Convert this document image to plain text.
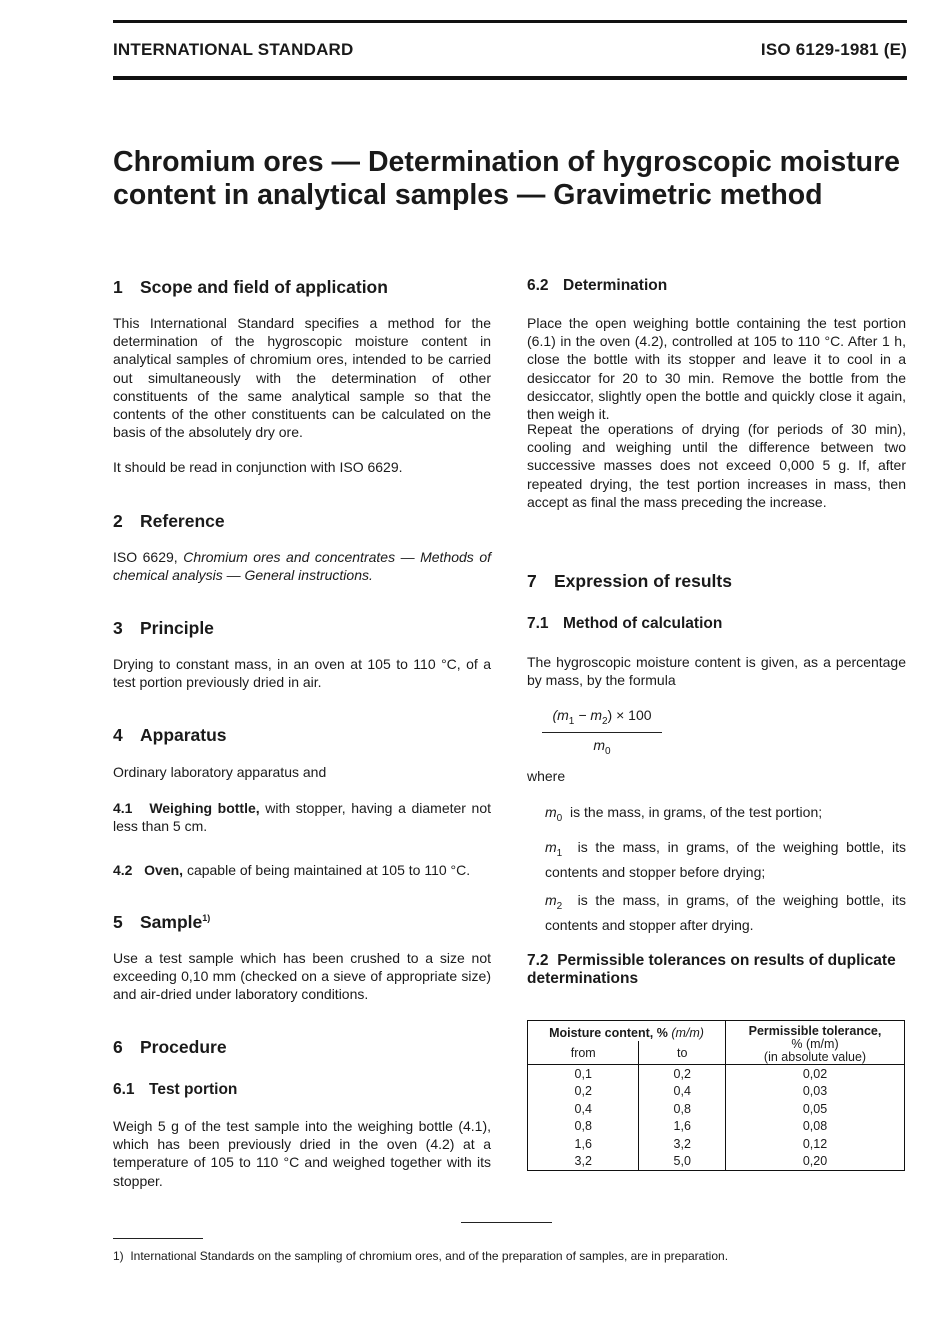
INTERNATIONAL STANDARD	ISO 6129-1981 (E)
Chromium ores — Determination of hygroscopic moisture
content in analytical samples — Gravimetric method
1 Scope and field of application
This International Standard specifies a method for the determination of the hygroscopic moisture content in analytical samples of chromium ores, intended to be carried out simultaneously with the determination of other constituents of the same analytical sample so that the contents of the other constituents can be calculated on the basis of the absolutely dry ore.
It should be read in conjunction with ISO 6629.
2 Reference
ISO 6629, Chromium ores and concentrates — Methods of chemical analysis — General instructions.
3 Principle
Drying to constant mass, in an oven at 105 to 110 °C, of a test portion previously dried in air.
4 Apparatus
Ordinary laboratory apparatus and
4.1 Weighing bottle, with stopper, having a diameter not less than 5 cm.
4.2 Oven, capable of being maintained at 105 to 110 °C.
5 Sample$^{1)}$
Use a test sample which has been crushed to a size not exceeding 0,10 mm (checked on a sieve of appropriate size) and air-dried under laboratory conditions.
6 Procedure
6.1 Test portion
Weigh 5 g of the test sample into the weighing bottle (4.1), which has been previously dried in the oven (4.2) at a temperature of 105 to 110 °C and weighed together with its stopper.
6.2 Determination
Place the open weighing bottle containing the test portion (6.1) in the oven (4.2), controlled at 105 to 110 °C. After 1 h, close the bottle with its stopper and leave it to cool in a desiccator for 20 to 30 min. Remove the bottle from the desiccator, slightly open the bottle and quickly close it again, then weigh it.
Repeat the operations of drying (for periods of 30 min), cooling and weighing until the difference between two successive masses does not exceed 0,000 5 g. If, after repeated drying, the test portion increases in mass, then accept as final the mass preceding the increase.
7 Expression of results
7.1 Method of calculation
The hygroscopic moisture content is given, as a percentage by mass, by the formula
$(m_1 - m_2) \times 100$
$m_0$
where
$m_0$ is the mass, in grams, of the test portion;
$m_1$ is the mass, in grams, of the weighing bottle, its contents and stopper before drying;
$m_2$ is the mass, in grams, of the weighing bottle, its contents and stopper after drying.
7.2 Permissible tolerances on results of duplicate determinations
Moisture content, % (m/m)		Permissible tolerance,
% (m/m)
(in absolute value)

from	to	
0,1	0,2	0,02
0,2	0,4	0,03
0,4	0,8	0,05
0,8	1,6	0,08
1,6	3,2	0,12
3,2	5,0	0,20
1) International Standards on the sampling of chromium ores, and of the preparation of samples, are in preparation.
